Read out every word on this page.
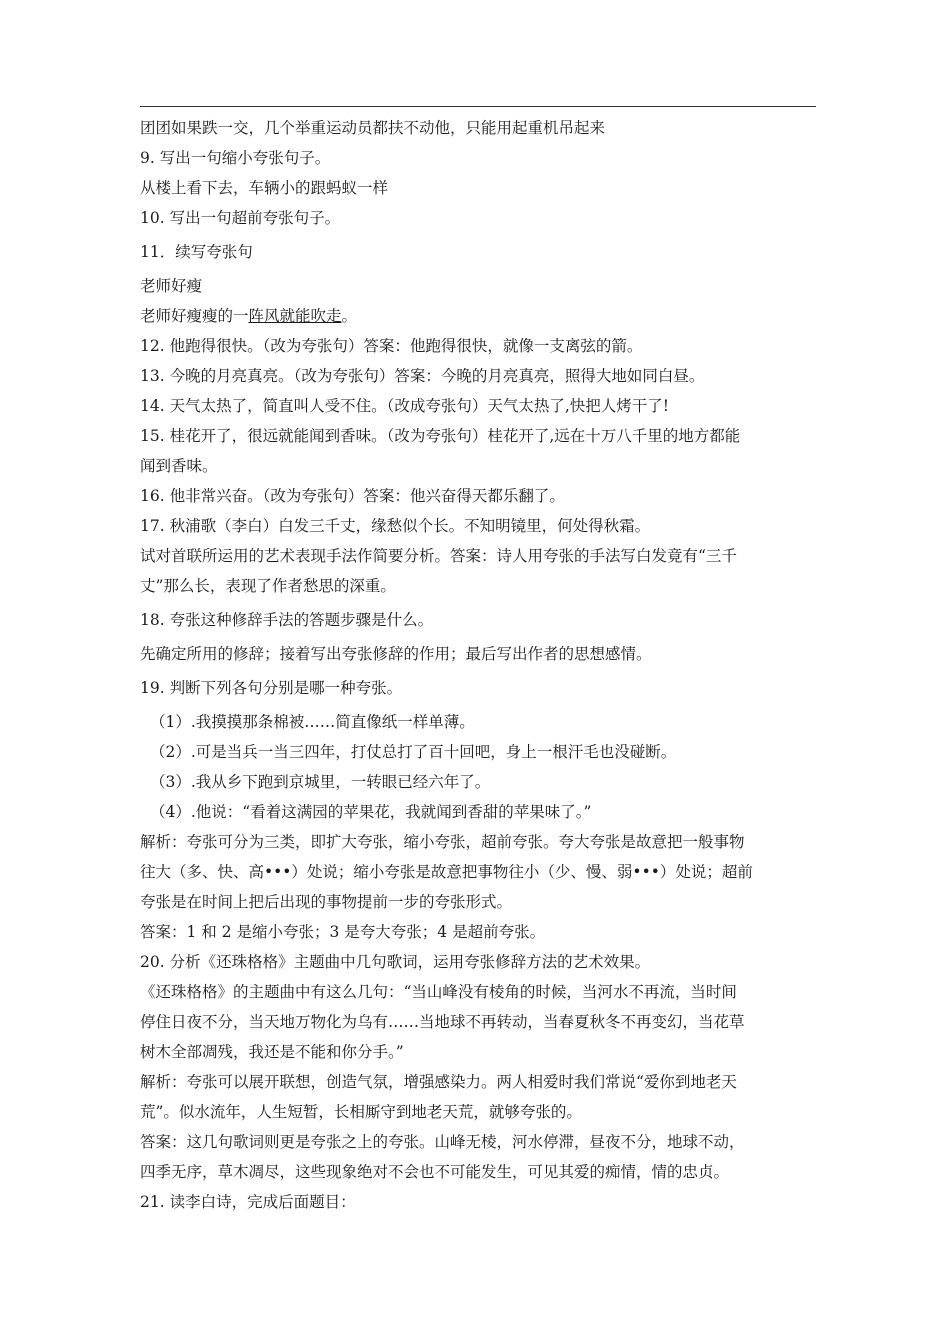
团团如果跌一交，几个举重运动员都扶不动他，只能用起重机吊起来
9. 写出一句缩小夸张句子。
从楼上看下去，车辆小的跟蚂蚁一样
10. 写出一句超前夸张句子。
11．续写夸张句
老师好瘦
老师好瘦瘦的一阵风就能吹走。
12. 他跑得很快。（改为夸张句）答案：他跑得很快，就像一支离弦的箭。
13. 今晚的月亮真亮。（改为夸张句）答案：今晚的月亮真亮，照得大地如同白昼。
14. 天气太热了，简直叫人受不住。（改成夸张句）天气太热了,快把人烤干了!
15. 桂花开了，很远就能闻到香味。（改为夸张句）桂花开了,远在十万八千里的地方都能
闻到香味。
16. 他非常兴奋。（改为夸张句）答案：他兴奋得天都乐翻了。
17. 秋浦歌（李白）白发三千丈，缘愁似个长。不知明镜里，何处得秋霜。
试对首联所运用的艺术表现手法作简要分析。答案：诗人用夸张的手法写白发竟有“三千
丈”那么长，表现了作者愁思的深重。
18. 夸张这种修辞手法的答题步骤是什么。
先确定所用的修辞；接着写出夸张修辞的作用；最后写出作者的思想感情。
19. 判断下列各句分别是哪一种夸张。
（1）.我摸摸那条棉被……简直像纸一样单薄。
（2）.可是当兵一当三四年，打仗总打了百十回吧，身上一根汗毛也没碰断。
（3）.我从乡下跑到京城里，一转眼已经六年了。
（4）.他说：“看着这满园的苹果花，我就闻到香甜的苹果味了。”
解析：夸张可分为三类，即扩大夸张，缩小夸张，超前夸张。夸大夸张是故意把一般事物
往大（多、快、高•••）处说；缩小夸张是故意把事物往小（少、慢、弱•••）处说；超前
夸张是在时间上把后出现的事物提前一步的夸张形式。
答案：1 和 2 是缩小夸张；3 是夸大夸张；4 是超前夸张。
20. 分析《还珠格格》主题曲中几句歌词，运用夸张修辞方法的艺术效果。
《还珠格格》的主题曲中有这么几句：“当山峰没有棱角的时候，当河水不再流，当时间
停住日夜不分，当天地万物化为乌有……当地球不再转动，当春夏秋冬不再变幻，当花草
树木全部凋残，我还是不能和你分手。”
解析：夸张可以展开联想，创造气氛，增强感染力。两人相爱时我们常说“爱你到地老天
荒”。似水流年，人生短暂，长相厮守到地老天荒，就够夸张的。
答案：这几句歌词则更是夸张之上的夸张。山峰无棱，河水停滞，昼夜不分，地球不动，
四季无序，草木凋尽，这些现象绝对不会也不可能发生，可见其爱的痴情，情的忠贞。
21. 读李白诗，完成后面题目：
